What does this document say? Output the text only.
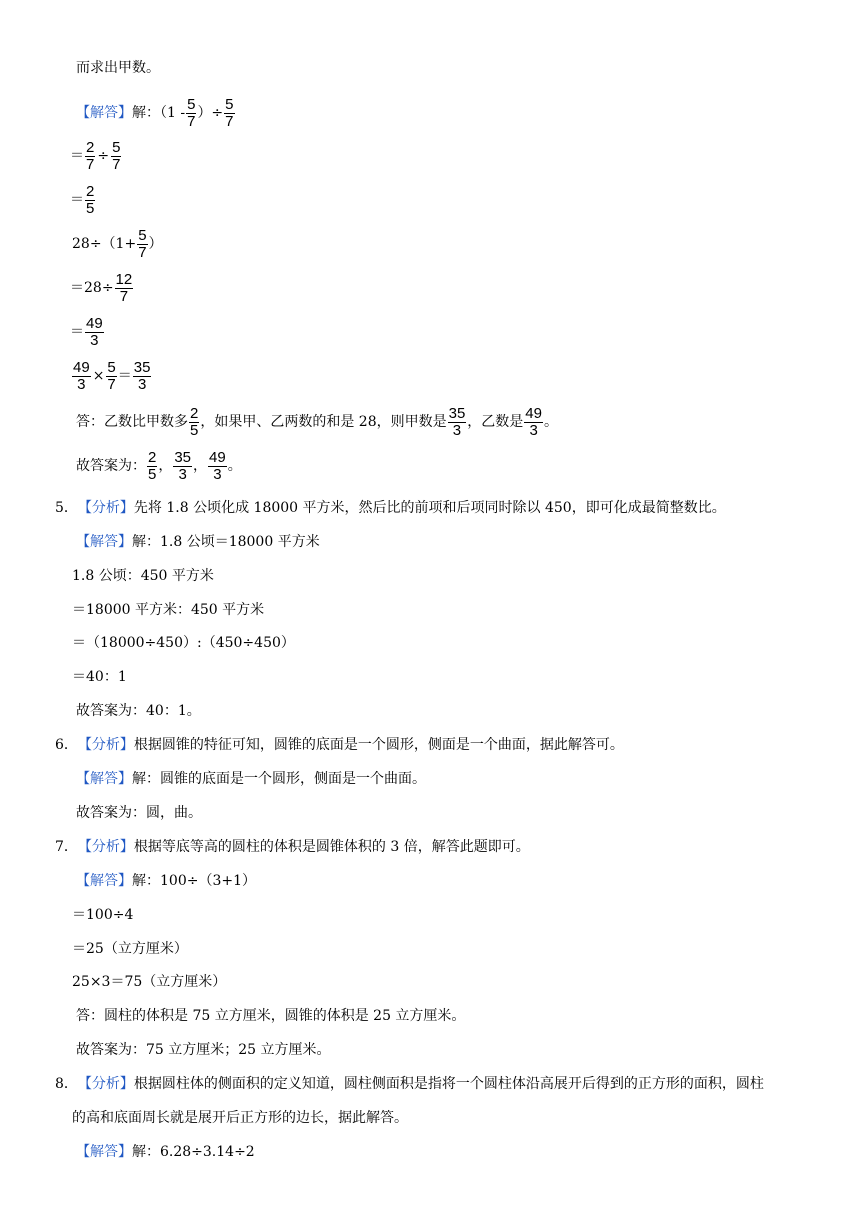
而求出甲数。
【解答】 解：（$1 - \frac{5}{7}$ ）÷ $\frac{5}{7}$
＝ $\frac{2}{7} \div \frac{5}{7}$
＝ $\frac{2}{5}$
$28\div(1+ \frac{5}{7}$ ）
$=28\div \frac{12}{7}$
＝ $\frac{49}{3}$
$\frac{49}{3} \times \frac{5}{7} = \frac{35}{3}$
答：乙数比甲数多 $\frac{2}{5}$ ，如果甲、乙两数的和是 28，则甲数是 $\frac{35}{3}$ ，乙数是 $\frac{49}{3}$ 。
故答案为： $\frac{2}{5}$ ， $\frac{35}{3}$ ， $\frac{49}{3}$ 。
5． 【分析】 先将 1.8 公顷化成 18000 平方米，然后比的前项和后项同时除以 450，即可化成最简整数比。
【解答】 解：1.8 公顷＝18000 平方米
1.8 公顷：450 平方米
＝18000 平方米：450 平方米
＝（18000÷450）:（450÷450）
＝40：1
故答案为：40：1。
6． 【分析】 根据圆锥的特征可知，圆锥的底面是一个圆形，侧面是一个曲面，据此解答可。
【解答】 解：圆锥的底面是一个圆形，侧面是一个曲面。
故答案为：圆，曲。
7． 【分析】 根据等底等高的圆柱的体积是圆锥体积的 3 倍，解答此题即可。
【解答】 解：100÷（3+1）
＝100÷4
＝25（立方厘米）
25×3＝75（立方厘米）
答：圆柱的体积是 75 立方厘米，圆锥的体积是 25 立方厘米。
故答案为：75 立方厘米；25 立方厘米。
8． 【分析】 根据圆柱体的侧面积的定义知道，圆柱侧面积是指将一个圆柱体沿高展开后得到的正方形的面积，圆柱
的高和底面周长就是展开后正方形的边长，据此解答。
【解答】 解：6.28÷3.14÷2
